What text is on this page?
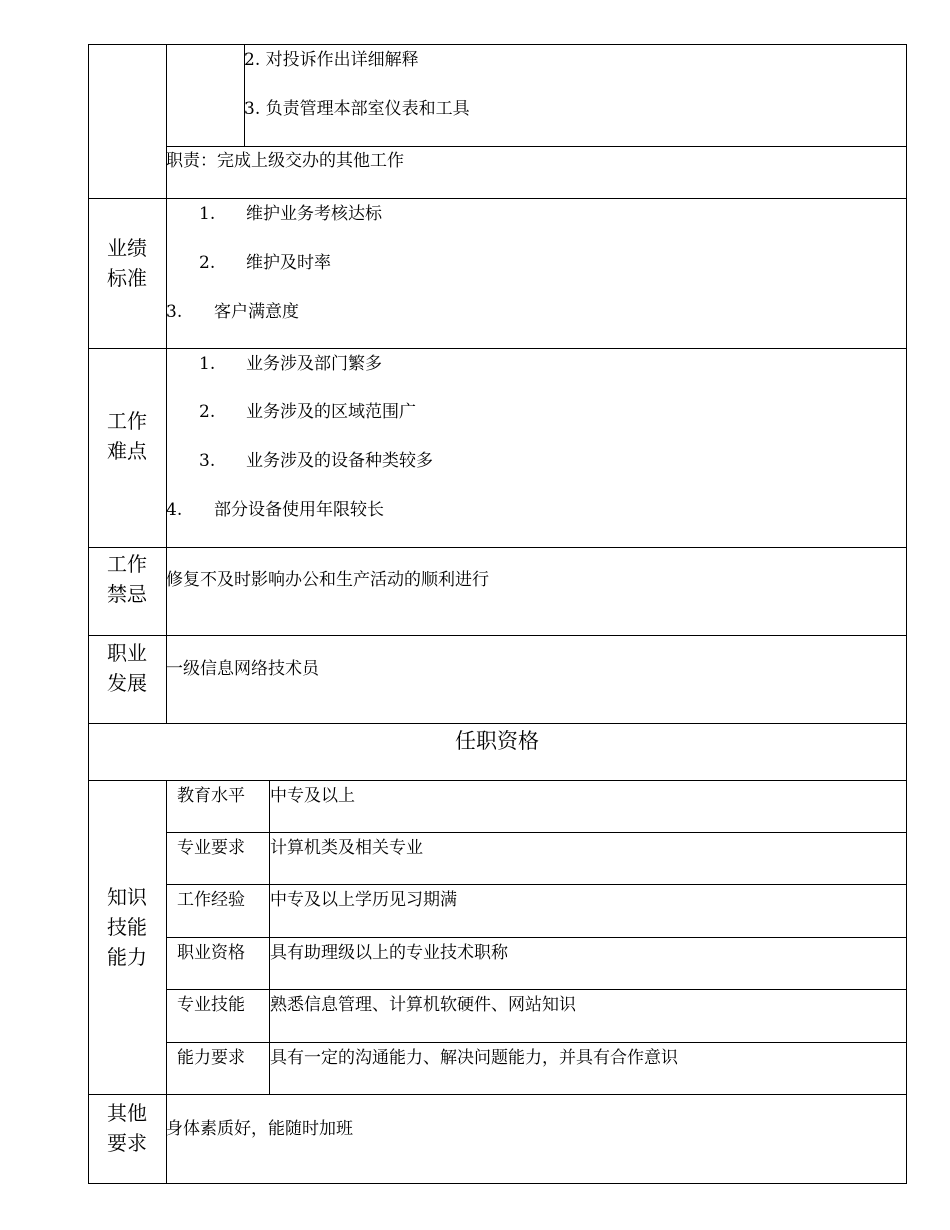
2. 对投诉作出详细解释
3. 负责管理本部室仪表和工具
职责：完成上级交办的其他工作
业绩
标准
1. 维护业务考核达标
2. 维护及时率
3. 客户满意度
工作
难点
1. 业务涉及部门繁多
2. 业务涉及的区域范围广
3. 业务涉及的设备种类较多
4. 部分设备使用年限较长
工作
禁忌
修复不及时影响办公和生产活动的顺利进行
职业
发展
一级信息网络技术员
任职资格
知识
技能
能力
教育水平 中专及以上
专业要求 计算机类及相关专业
工作经验 中专及以上学历见习期满
职业资格 具有助理级以上的专业技术职称
专业技能 熟悉信息管理、计算机软硬件、网站知识
能力要求 具有一定的沟通能力、解决问题能力，并具有合作意识
其他
要求
身体素质好，能随时加班
